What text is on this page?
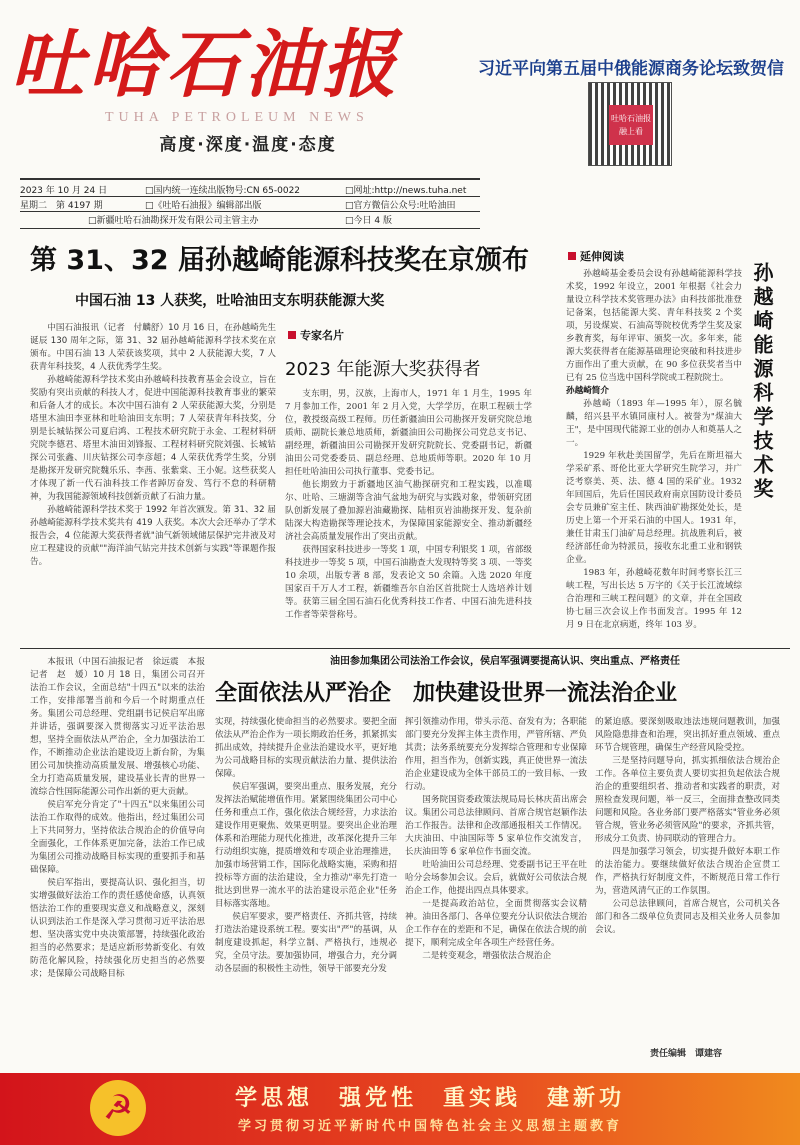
吐哈石油报
TUHA PETROLEUM NEWS
高度·深度·温度·态度
习近平向第五届中俄能源商务论坛致贺信
吐哈石油报 融上看
2023 年 10 月 24 日
星期二　第 4197 期
□国内统一连续出版物号:CN 65-0022
□《吐哈石油报》编辑部出版
□新疆吐哈石油勘探开发有限公司主管主办
□网址:http://news.tuha.net
□官方微信公众号:吐哈油田
□今日 4 版
第 31、32 届孙越崎能源科技奖在京颁布
中国石油 13 人获奖，吐哈油田支东明获能源大奖

中国石油报讯（记者　付麟舒）10 月 16 日，在孙越崎先生诞辰 130 周年之际，第 31、32 届孙越崎能源科学技术奖在京颁布。中国石油 13 人荣获该奖项，其中 2 人获能源大奖，7 人获青年科技奖，4 人获优秀学生奖。

孙越崎能源科学技术奖由孙越崎科技教育基金会设立，旨在奖励有突出贡献的科技人才，促进中国能源科技教育事业的繁荣和后备人才的成长。本次中国石油有 2 人荣获能源大奖，分别是塔里木油田李亚林和吐哈油田支东明；7 人荣获青年科技奖，分别是长城钻探公司夏启鸿、工程技术研究院于永金、工程材料研究院李德君、塔里木油田刘锋报、工程材料研究院刘强、长城钻探公司张鑫、川庆钻探公司李彦超；4 人荣获优秀学生奖，分别是勘探开发研究院魏乐乐、李茜、张紫棠、王小妮。这些获奖人才体现了新一代石油科技工作者踔厉奋发、笃行不怠的科研精神，为我国能源领域科技创新贡献了石油力量。

孙越崎能源科学技术奖于 1992 年首次颁发。第 31、32 届孙越崎能源科学技术奖共有 419 人获奖。本次大会还举办了学术报告会，4 位能源大奖获得者就"油气新领域储层保护完井液及对应工程建设的贡献""海洋油气钻完井技术创新与实践"等课题作报告。

专家名片
2023 年能源大奖获得者

支东明，男，汉族，上海市人，1971 年 1 月生，1995 年 7 月参加工作，2001 年 2 月入党，大学学历，在职工程硕士学位，教授级高级工程师。历任新疆油田公司勘探开发研究院总地质师、副院长兼总地质师，新疆油田公司勘探公司党总支书记、副经理，新疆油田公司勘探开发研究院院长、党委副书记，新疆油田公司党委委员、副总经理、总地质师等职。2020 年 10 月担任吐哈油田公司执行董事、党委书记。

他长期致力于新疆地区油气勘探研究和工程实践，以准噶尔、吐哈、三塘湖等含油气盆地为研究与实践对象，带领研究团队创新发展了叠加源岩油藏勘探、陆相页岩油勘探开发、复杂前陆深大构造勘探等理论技术，为保障国家能源安全、推动新疆经济社会高质量发展作出了突出贡献。

获得国家科技进步一等奖 1 项，中国专利银奖 1 项，省部级科技进步一等奖 5 项，中国石油勘查大发现特等奖 3 项、一等奖 10 余项，出版专著 8 部，发表论文 50 余篇。入选 2020 年度国家百千万人才工程，新疆维吾尔自治区首批院士人选培养计划等。获第三届全国石油石化优秀科技工作者、中国石油先进科技工作者等荣誉称号。

延伸阅读
孙越崎能源科学技术奖

孙越崎基金委员会设有孙越崎能源科学技术奖，1992 年设立，2001 年根据《社会力量设立科学技术奖管理办法》由科技部批准登记备案，包括能源大奖、青年科技奖 2 个奖项，另设煤炭、石油高等院校优秀学生奖及家乡教育奖，每年评审、颁奖一次。多年来，能源大奖获得者在能源基础理论突破和科技进步方面作出了重大贡献，在 90 多位获奖者当中已有 25 位当选中国科学院或工程院院士。

孙越崎简介

孙越崎（1893 年—1995 年），原名毓麟，绍兴县平水镇同康村人。被誉为"煤油大王"，是中国现代能源工业的创办人和奠基人之一。

1929 年秋赴美国留学，先后在斯坦福大学采矿系、哥伦比亚大学研究生院学习，并广泛考察美、英、法、德 4 国的采矿业。1932 年回国后，先后任国民政府南京国防设计委员会专员兼矿室主任、陕西油矿勘探处处长，是历史上第一个开采石油的中国人。1931 年，兼任甘肃玉门油矿局总经理。抗战胜利后，被经济部任命为特派员，接收东北重工业和钢铁企业。

1983 年，孙越崎花数年时间考察长江三峡工程，写出长达 5 万字的《关于长江流域综合治理和三峡工程问题》的文章，并在全国政协七届三次会议上作书面发言。1995 年 12 月 9 日在北京病逝，终年 103 岁。

油田参加集团公司法治工作会议，侯启军强调要提高认识、突出重点、严格责任
全面依法从严治企　加快建设世界一流法治企业

本报讯（中国石油报记者　徐远震　本报记者　赵　媛）10 月 18 日，集团公司召开法治工作会议，全面总结"十四五"以来的法治工作，安排部署当前和今后一个时期重点任务。集团公司总经理、党组副书记侯启军出席并讲话，强调要深入贯彻落实习近平法治思想，坚持全面依法从严治企，全力加强法治工作，不断推动企业法治建设迈上新台阶，为集团公司加快推动高质量发展、增强核心功能、全力打造高质量发展，建设基业长青的世界一流综合性国际能源公司作出新的更大贡献。

侯启军充分肯定了"十四五"以来集团公司法治工作取得的成效。他指出，经过集团公司上下共同努力，坚持依法合规治企的价值导向全面强化，工作体系更加完备，法治工作已成为集团公司推动战略目标实现的重要抓手和基础保障。

侯启军指出，要提高认识、强化担当，切实增强做好法治工作的责任感使命感，认真领悟法治工作的重要现实意义和战略意义，深刻认识到法治工作是深入学习贯彻习近平法治思想、坚决落实党中央决策部署，持续强化政治担当的必然要求；是适应新形势新变化、有效防范化解风险，持续强化历史担当的必然要求；是保障公司战略目标

实现，持续强化使命担当的必然要求。要把全面依法从严治企作为一项长期政治任务，抓紧抓实抓出成效，持续提升企业法治建设水平，更好地为公司战略目标的实现贡献法治力量、提供法治保障。

侯启军强调，要突出重点、服务发展，充分发挥法治赋能增值作用。紧紧围绕集团公司中心任务和重点工作，强化依法合规经营，力求法治建设作用更聚焦、效果更明显。要突出企业治理体系和治理能力现代化推进，改革深化提升三年行动组织实施，提质增效和专项企业治理推进，加强市场营销工作，国际化战略实施，采购和招投标等方面的法治建设，全力推动"率先打造一批达到世界一流水平的法治建设示范企业"任务目标落实落地。

侯启军要求，要严格责任、齐抓共管，持续打造法治建设系统工程。要实出"严"的基调，从制度建设抓起，科学立制、严格执行，违规必究，全员守法。要加强协同，增强合力，充分调动各层面的积极性主动性，领导干部要充分发

挥引领推动作用，带头示范、奋发有为；各职能部门要充分发挥主体主责作用，严管所辖、严负其责；法务系统要充分发挥综合管理和专业保障作用，担当作为，创新实践，真正使世界一流法治企业建设成为全体干部员工的一致目标、一致行动。

国务院国资委政策法规局局长林庆苗出席会议。集团公司总法律顾问、首席合规官赵颖作法治工作报告。法律和企改部通报相关工作情况。大庆油田、中油国际等 5 家单位作交流发言，长庆油田等 6 家单位作书面交流。

吐哈油田公司总经理、党委副书记王平在吐哈分会场参加会议。会后，就做好公司依法合规治企工作，他提出四点具体要求。

一是提高政治站位，全面贯彻落实会议精神。油田各部门、各单位要充分认识依法合规治企工作存在的差距和不足，确保在依法合规的前提下，顺利完成全年各项生产经营任务。

二是转变观念，增强依法合规治企

的紧迫感。要深刻吸取违法违规问题教训，加强风险隐患排查和治理，突出抓好重点领域、重点环节合规管理，确保生产经营风险受控。

三是坚持问题导向，抓实抓细依法合规治企工作。各单位主要负责人要切实担负起依法合规治企的重要组织者、推动者和实践者的职责，对照检查发现问题，举一反三，全面排查整改同类问题和风险。各业务部门要严格落实"管业务必须管合规，管业务必须管风险"的要求，齐抓共管，形成分工负责、协同联动的管理合力。

四是加强学习领会，切实提升做好本职工作的法治能力。要继续做好依法合规治企宣贯工作，严格执行好制度文件，不断规范日常工作行为，营造风清气正的工作氛围。

公司总法律顾问，首席合规官，公司机关各部门和各二级单位负责同志及相关业务人员参加会议。

责任编辑　谭建容
☭	学思想　强党性　重实践　建新功
学习贯彻习近平新时代中国特色社会主义思想主题教育
